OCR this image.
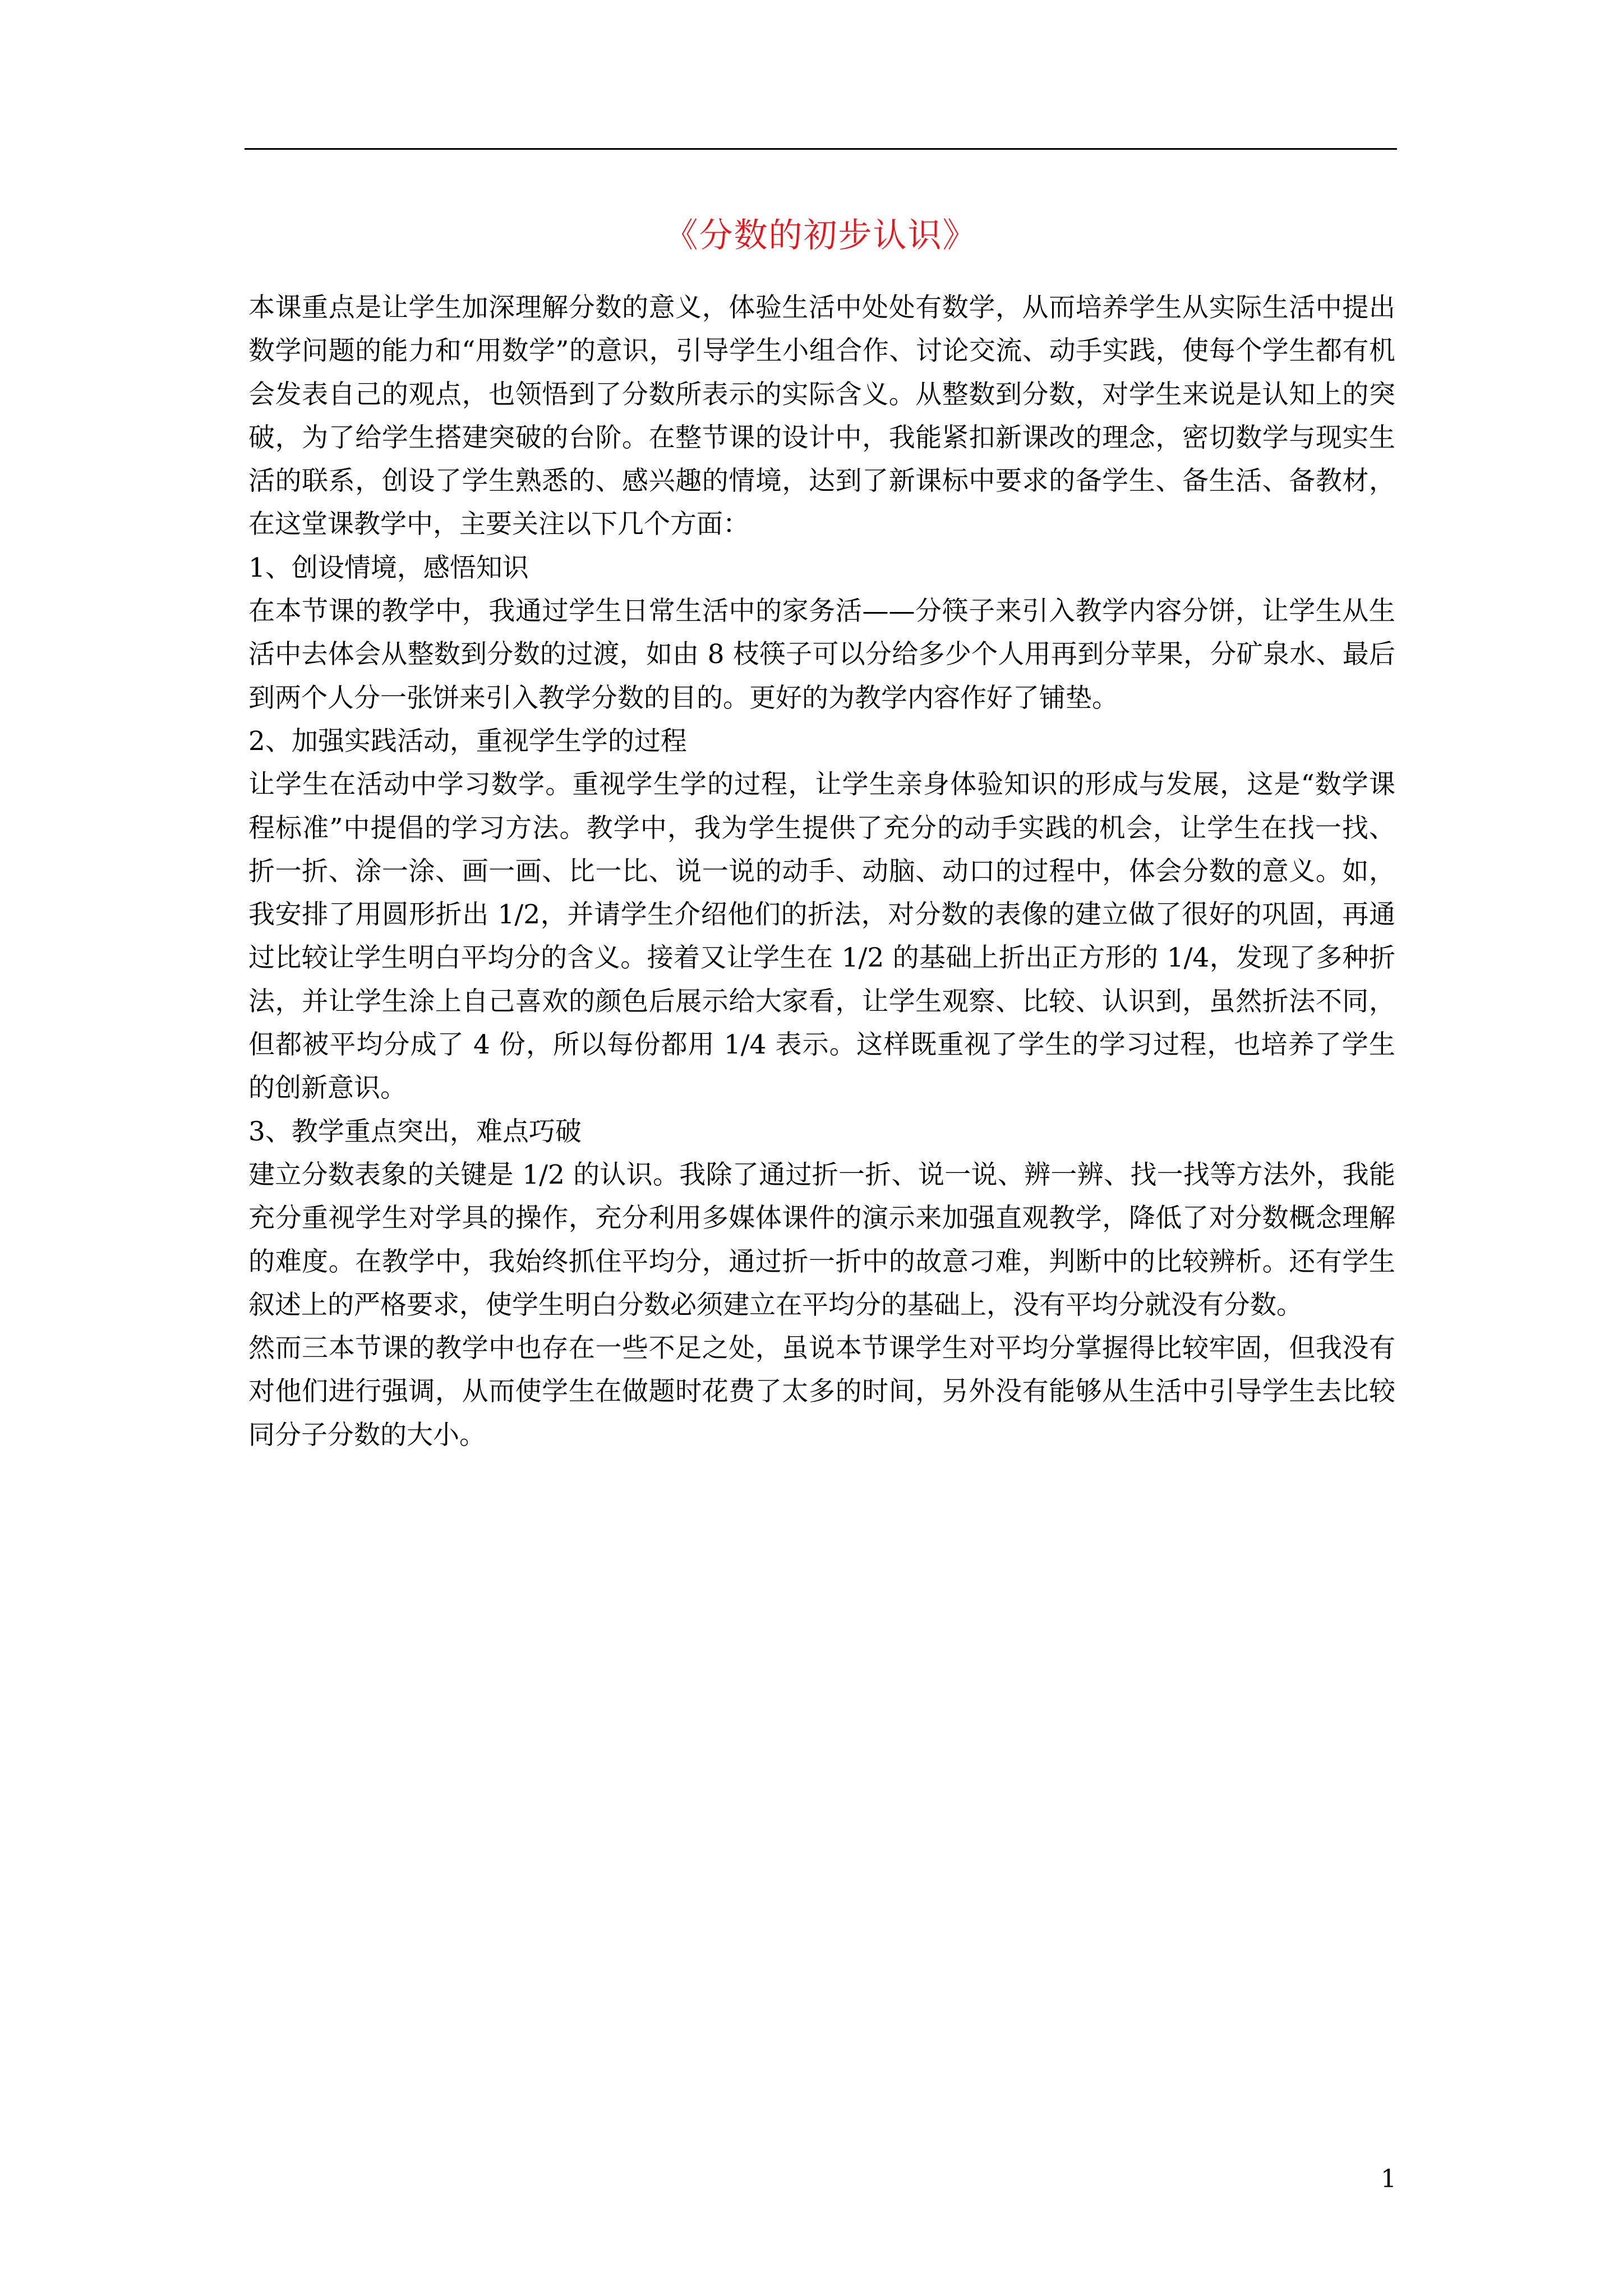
《分数的初步认识》

本课重点是让学生加深理解分数的意义，体验生活中处处有数学，从而培养学生从实际生活中提出数学问题的能力和“用数学”的意识，引导学生小组合作、讨论交流、动手实践，使每个学生都有机会发表自己的观点，也领悟到了分数所表示的实际含义。从整数到分数，对学生来说是认知上的突破，为了给学生搭建突破的台阶。在整节课的设计中，我能紧扣新课改的理念，密切数学与现实生活的联系，创设了学生熟悉的、感兴趣的情境，达到了新课标中要求的备学生、备生活、备教材，在这堂课教学中，主要关注以下几个方面：

1、创设情境，感悟知识

在本节课的教学中，我通过学生日常生活中的家务活——分筷子来引入教学内容分饼，让学生从生活中去体会从整数到分数的过渡，如由 8 枝筷子可以分给多少个人用再到分苹果，分矿泉水、最后到两个人分一张饼来引入教学分数的目的。更好的为教学内容作好了铺垫。

2、加强实践活动，重视学生学的过程

让学生在活动中学习数学。重视学生学的过程，让学生亲身体验知识的形成与发展，这是“数学课程标准”中提倡的学习方法。教学中，我为学生提供了充分的动手实践的机会，让学生在找一找、折一折、涂一涂、画一画、比一比、说一说的动手、动脑、动口的过程中，体会分数的意义。如，我安排了用圆形折出 1/2，并请学生介绍他们的折法，对分数的表像的建立做了很好的巩固，再通过比较让学生明白平均分的含义。接着又让学生在 1/2 的基础上折出正方形的 1/4，发现了多种折法，并让学生涂上自己喜欢的颜色后展示给大家看，让学生观察、比较、认识到，虽然折法不同，但都被平均分成了 4 份，所以每份都用 1/4 表示。这样既重视了学生的学习过程，也培养了学生的创新意识。

3、教学重点突出，难点巧破

建立分数表象的关键是 1/2 的认识。我除了通过折一折、说一说、辨一辨、找一找等方法外，我能充分重视学生对学具的操作，充分利用多媒体课件的演示来加强直观教学，降低了对分数概念理解的难度。在教学中，我始终抓住平均分，通过折一折中的故意刁难，判断中的比较辨析。还有学生叙述上的严格要求，使学生明白分数必须建立在平均分的基础上，没有平均分就没有分数。

然而三本节课的教学中也存在一些不足之处，虽说本节课学生对平均分掌握得比较牢固，但我没有对他们进行强调，从而使学生在做题时花费了太多的时间，另外没有能够从生活中引导学生去比较同分子分数的大小。

1
